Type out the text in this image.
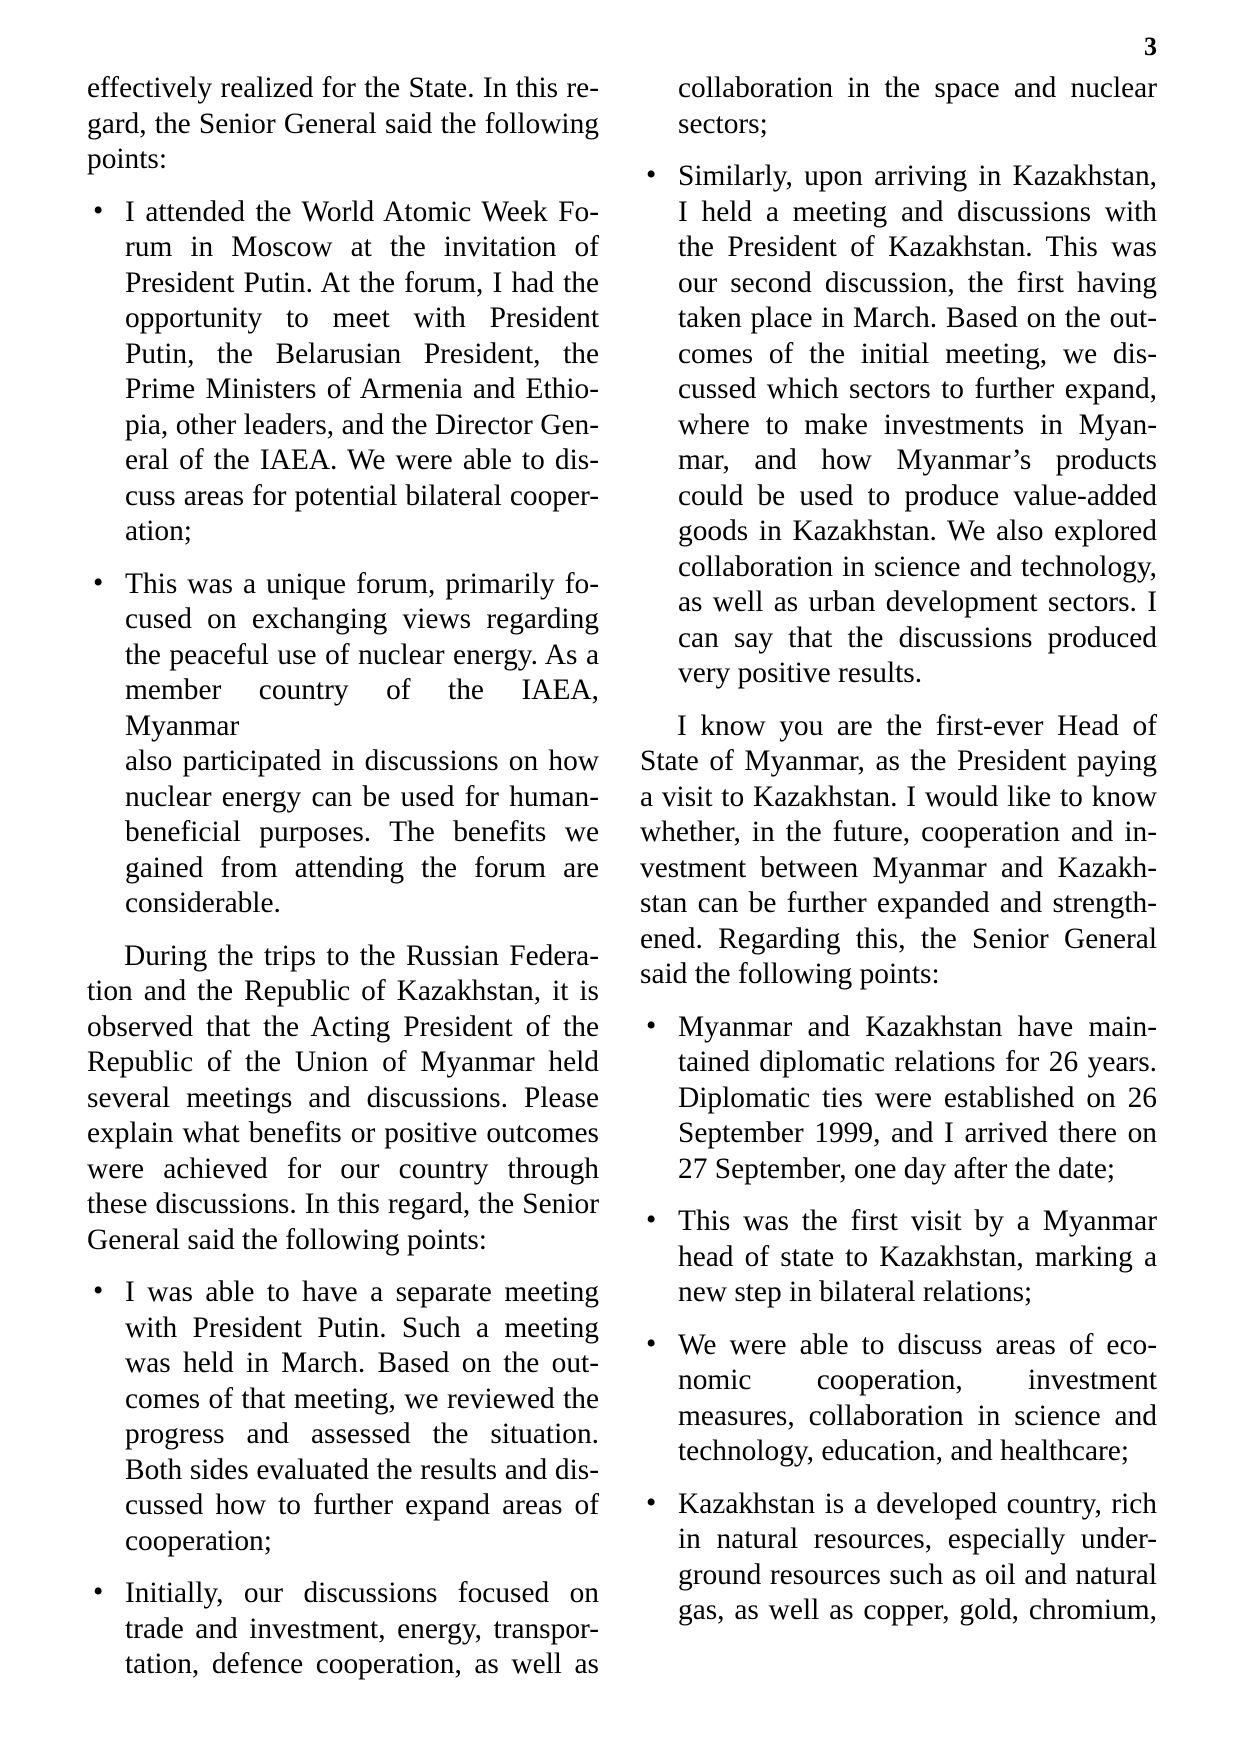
3
effectively realized for the State. In this re-
gard, the Senior General said the following
points:
• I attended the World Atomic Week Fo-
rum in Moscow at the invitation of
President Putin. At the forum, I had the
opportunity to meet with President
Putin, the Belarusian President, the
Prime Ministers of Armenia and Ethio-
pia, other leaders, and the Director Gen-
eral of the IAEA. We were able to dis-
cuss areas for potential bilateral cooper-
ation;
• This was a unique forum, primarily fo-
cused on exchanging views regarding
the peaceful use of nuclear energy. As a
member country of the IAEA, Myanmar
also participated in discussions on how
nuclear energy can be used for human-
beneficial purposes. The benefits we
gained from attending the forum are
considerable.
During the trips to the Russian Federa-
tion and the Republic of Kazakhstan, it is
observed that the Acting President of the
Republic of the Union of Myanmar held
several meetings and discussions. Please
explain what benefits or positive outcomes
were achieved for our country through
these discussions. In this regard, the Senior
General said the following points:
• I was able to have a separate meeting
with President Putin. Such a meeting
was held in March. Based on the out-
comes of that meeting, we reviewed the
progress and assessed the situation.
Both sides evaluated the results and dis-
cussed how to further expand areas of
cooperation;
• Initially, our discussions focused on
trade and investment, energy, transpor-
tation, defence cooperation, as well as
collaboration in the space and nuclear
sectors;
• Similarly, upon arriving in Kazakhstan,
I held a meeting and discussions with
the President of Kazakhstan. This was
our second discussion, the first having
taken place in March. Based on the out-
comes of the initial meeting, we dis-
cussed which sectors to further expand,
where to make investments in Myan-
mar, and how Myanmar’s products
could be used to produce value-added
goods in Kazakhstan. We also explored
collaboration in science and technology,
as well as urban development sectors. I
can say that the discussions produced
very positive results.
I know you are the first-ever Head of
State of Myanmar, as the President paying
a visit to Kazakhstan. I would like to know
whether, in the future, cooperation and in-
vestment between Myanmar and Kazakh-
stan can be further expanded and strength-
ened. Regarding this, the Senior General
said the following points:
• Myanmar and Kazakhstan have main-
tained diplomatic relations for 26 years.
Diplomatic ties were established on 26
September 1999, and I arrived there on
27 September, one day after the date;
• This was the first visit by a Myanmar
head of state to Kazakhstan, marking a
new step in bilateral relations;
• We were able to discuss areas of eco-
nomic cooperation, investment
measures, collaboration in science and
technology, education, and healthcare;
• Kazakhstan is a developed country, rich
in natural resources, especially under-
ground resources such as oil and natural
gas, as well as copper, gold, chromium,
